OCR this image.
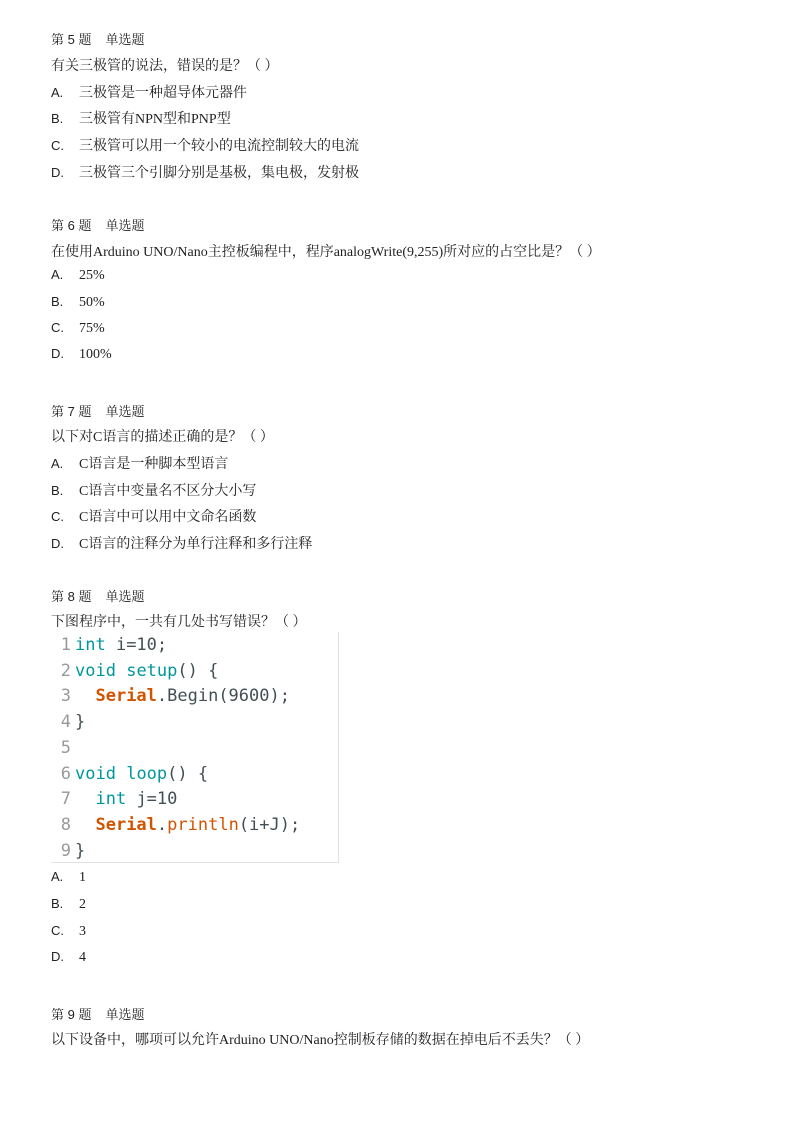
第 5 题 单选题
有关三极管的说法，错误的是？（ ）
A. 三极管是一种超导体元器件
B. 三极管有NPN型和PNP型
C. 三极管可以用一个较小的电流控制较大的电流
D. 三极管三个引脚分别是基极，集电极，发射极
第 6 题 单选题
在使用Arduino UNO/Nano主控板编程中，程序analogWrite(9,255)所对应的占空比是？（ ）
A. 25%
B. 50%
C. 75%
D. 100%
第 7 题 单选题
以下对C语言的描述正确的是？（ ）
A. C语言是一种脚本型语言
B. C语言中变量名不区分大小写
C. C语言中可以用中文命名函数
D. C语言的注释分为单行注释和多行注释
第 8 题 单选题
下图程序中，一共有几处书写错误？（ ）
1 int i=10;
2 void setup() {
3 Serial.Begin(9600);
4 }
5
6 void loop() {
7 int j=10
8 Serial.println(i+J);
9 }
A. 1
B. 2
C. 3
D. 4
第 9 题 单选题
以下设备中，哪项可以允许Arduino UNO/Nano控制板存储的数据在掉电后不丢失？（ ）
